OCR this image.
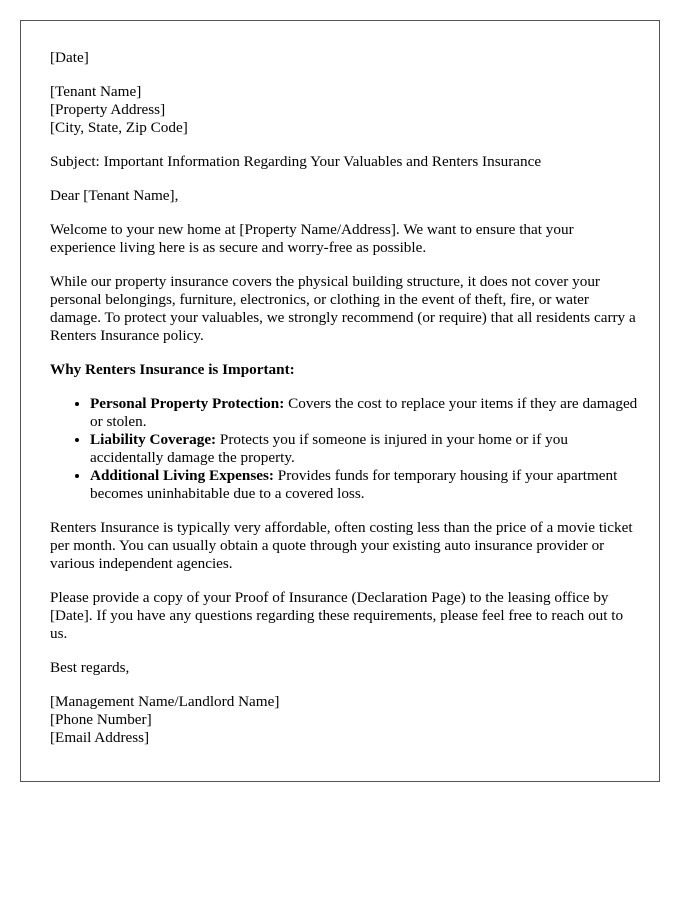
[Date]

[Tenant Name]
[Property Address]
[City, State, Zip Code]

Subject: Important Information Regarding Your Valuables and Renters Insurance

Dear [Tenant Name],

Welcome to your new home at [Property Name/Address]. We want to ensure that your experience living here is as secure and worry-free as possible.

While our property insurance covers the physical building structure, it does not cover your personal belongings, furniture, electronics, or clothing in the event of theft, fire, or water damage. To protect your valuables, we strongly recommend (or require) that all residents carry a Renters Insurance policy.

Why Renters Insurance is Important:

• Personal Property Protection: Covers the cost to replace your items if they are damaged or stolen.
• Liability Coverage: Protects you if someone is injured in your home or if you accidentally damage the property.
• Additional Living Expenses: Provides funds for temporary housing if your apartment becomes uninhabitable due to a covered loss.

Renters Insurance is typically very affordable, often costing less than the price of a movie ticket per month. You can usually obtain a quote through your existing auto insurance provider or various independent agencies.

Please provide a copy of your Proof of Insurance (Declaration Page) to the leasing office by [Date]. If you have any questions regarding these requirements, please feel free to reach out to us.

Best regards,

[Management Name/Landlord Name]
[Phone Number]
[Email Address]
